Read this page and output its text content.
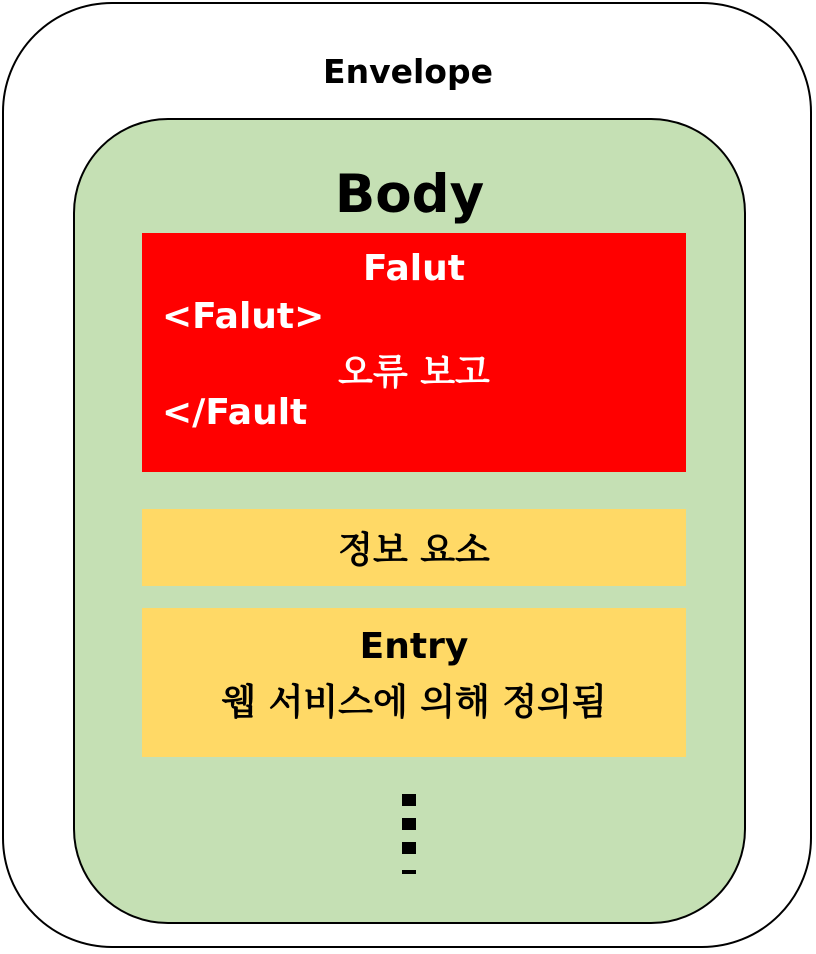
Envelope
Body
Falut
<Falut>
오류 보고
</Fault
정보 요소
Entry
웹 서비스에 의해 정의됨
